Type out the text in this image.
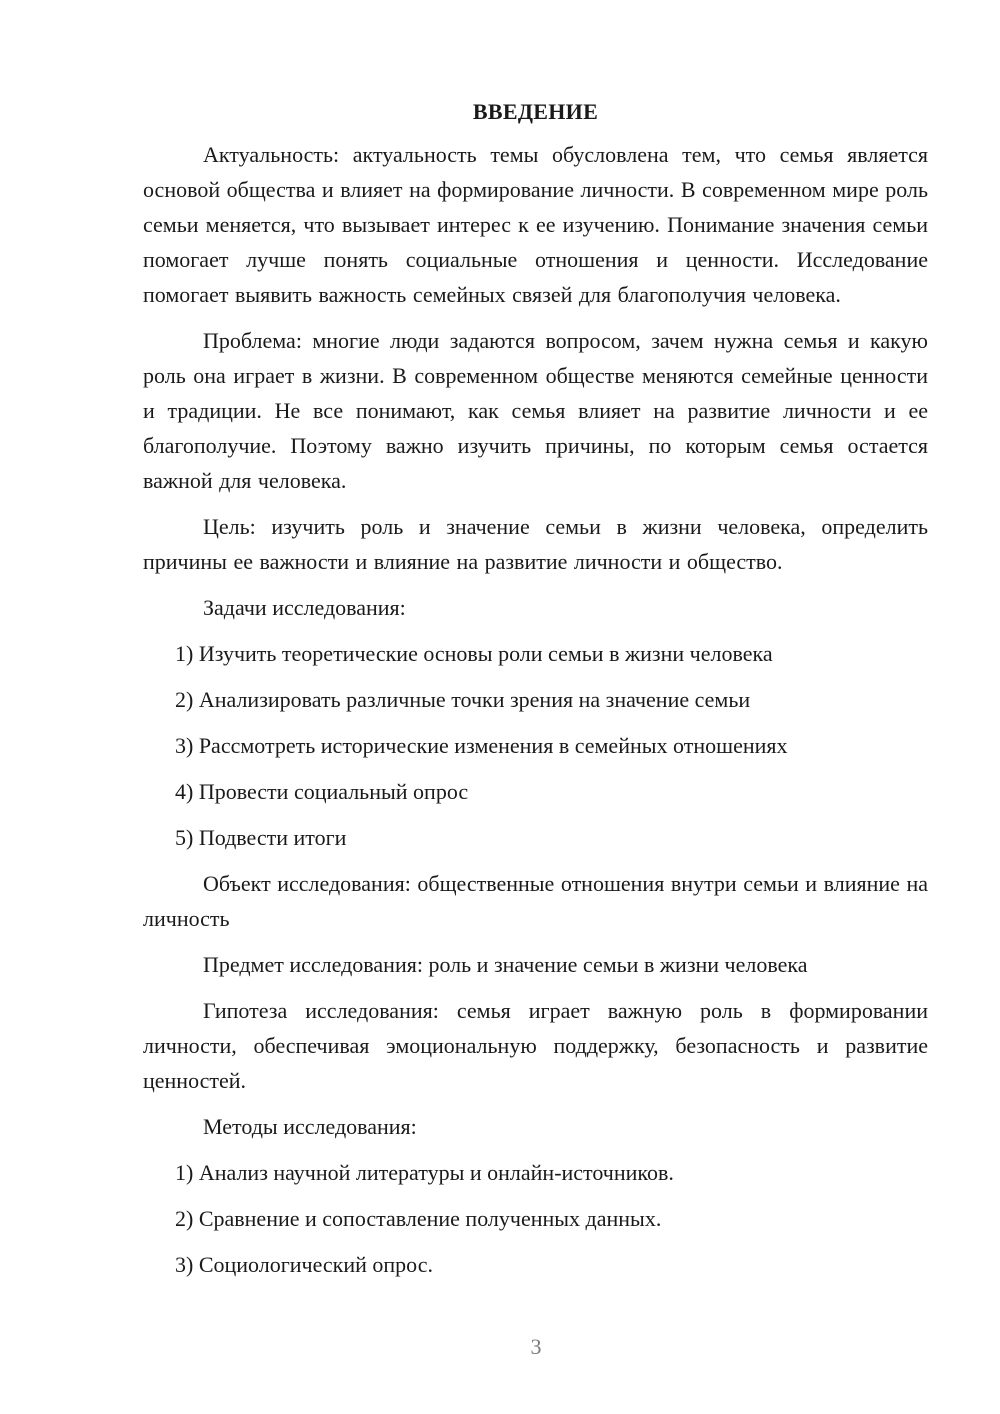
ВВЕДЕНИЕ

Актуальность: актуальность темы обусловлена тем, что семья является основой общества и влияет на формирование личности. В современном мире роль семьи меняется, что вызывает интерес к ее изучению. Понимание значения семьи помогает лучше понять социальные отношения и ценности. Исследование помогает выявить важность семейных связей для благополучия человека.

Проблема: многие люди задаются вопросом, зачем нужна семья и какую роль она играет в жизни. В современном обществе меняются семейные ценности и традиции. Не все понимают, как семья влияет на развитие личности и ее благополучие. Поэтому важно изучить причины, по которым семья остается важной для человека.

Цель: изучить роль и значение семьи в жизни человека, определить причины ее важности и влияние на развитие личности и общество.

Задачи исследования:

1) Изучить теоретические основы роли семьи в жизни человека
2) Анализировать различные точки зрения на значение семьи
3) Рассмотреть исторические изменения в семейных отношениях
4) Провести социальный опрос
5) Подвести итоги

Объект исследования: общественные отношения внутри семьи и влияние на личность

Предмет исследования: роль и значение семьи в жизни человека

Гипотеза исследования: семья играет важную роль в формировании личности, обеспечивая эмоциональную поддержку, безопасность и развитие ценностей.

Методы исследования:

1) Анализ научной литературы и онлайн-источников.
2) Сравнение и сопоставление полученных данных.
3) Социологический опрос.
3
